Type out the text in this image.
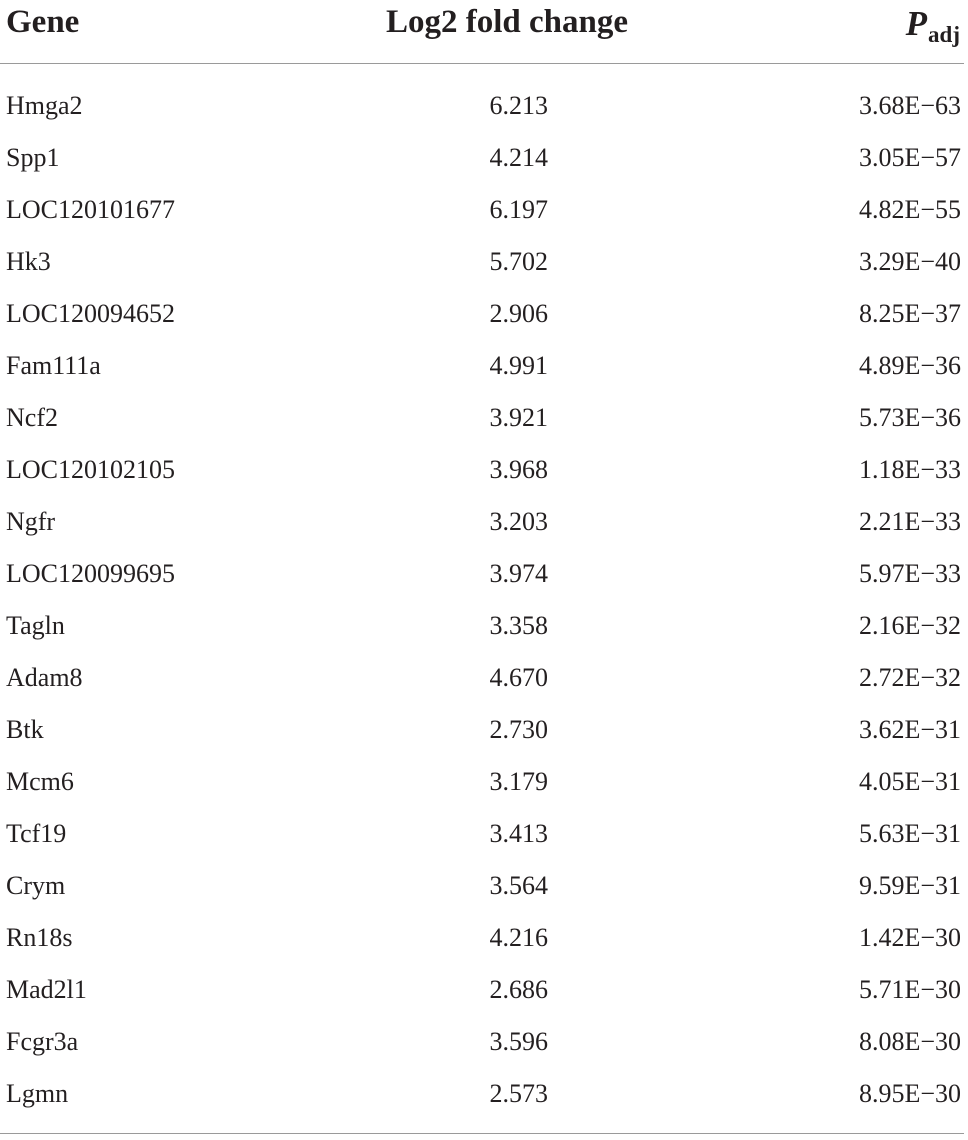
Gene	Log2 fold change	$P_{adj}$
Hmga2	6.213	3.68E−63
Spp1	4.214	3.05E−57
LOC120101677	6.197	4.82E−55
Hk3	5.702	3.29E−40
LOC120094652	2.906	8.25E−37
Fam111a	4.991	4.89E−36
Ncf2	3.921	5.73E−36
LOC120102105	3.968	1.18E−33
Ngfr	3.203	2.21E−33
LOC120099695	3.974	5.97E−33
Tagln	3.358	2.16E−32
Adam8	4.670	2.72E−32
Btk	2.730	3.62E−31
Mcm6	3.179	4.05E−31
Tcf19	3.413	5.63E−31
Crym	3.564	9.59E−31
Rn18s	4.216	1.42E−30
Mad2l1	2.686	5.71E−30
Fcgr3a	3.596	8.08E−30
Lgmn	2.573	8.95E−30
